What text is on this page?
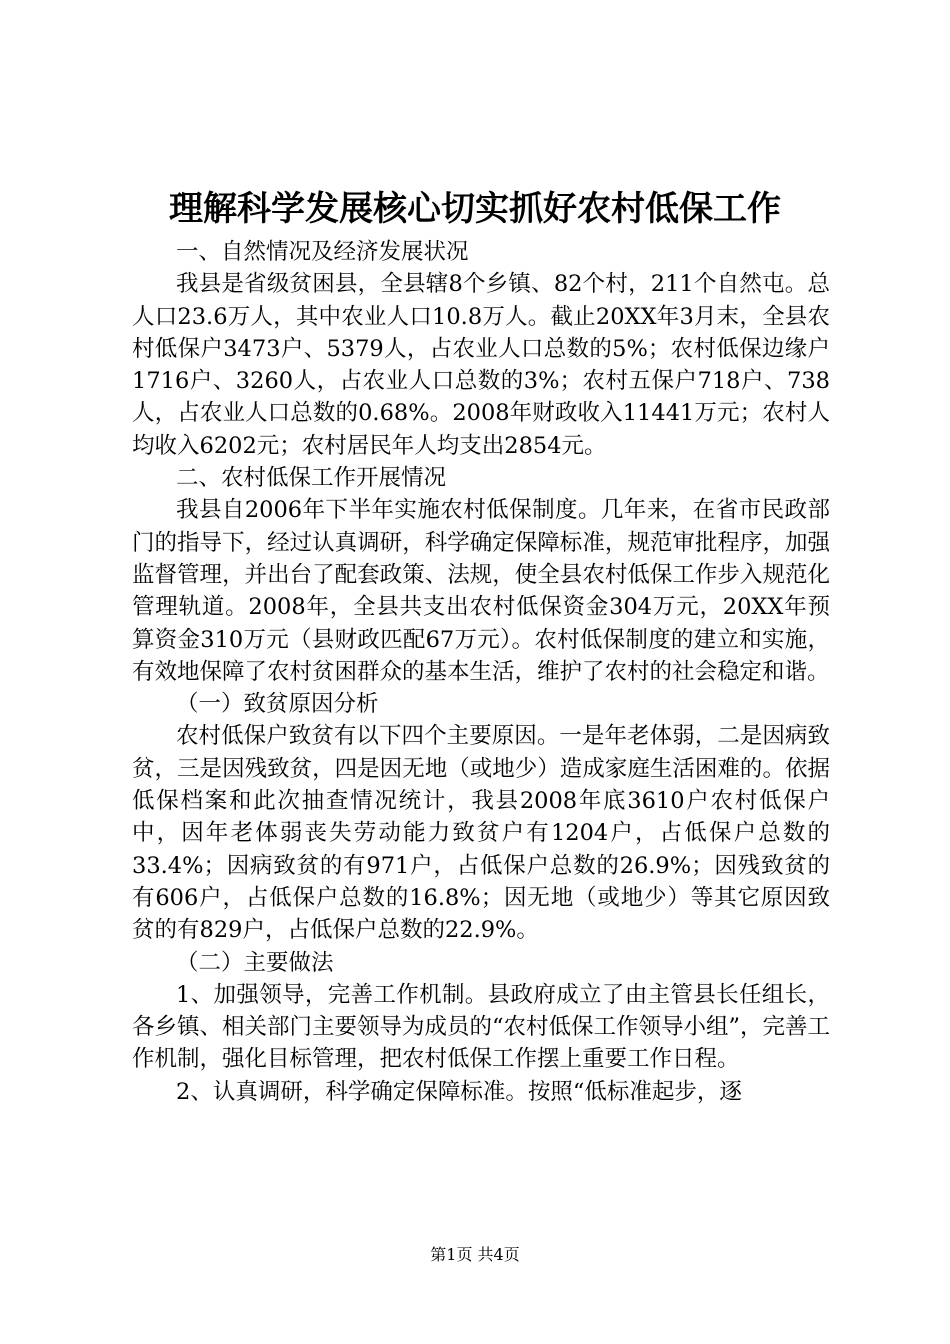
理解科学发展核心切实抓好农村低保工作

一、自然情况及经济发展状况

我县是省级贫困县，全县辖8个乡镇、82个村，211个自然屯。总人口23.6万人，其中农业人口10.8万人。截止20XX年3月末，全县农村低保户3473户、5379人，占农业人口总数的5%；农村低保边缘户1716户、3260人，占农业人口总数的3%；农村五保户718户、738人，占农业人口总数的0.68%。2008年财政收入11441万元；农村人均收入6202元；农村居民年人均支出2854元。

二、农村低保工作开展情况

我县自2006年下半年实施农村低保制度。几年来，在省市民政部门的指导下，经过认真调研，科学确定保障标准，规范审批程序，加强监督管理，并出台了配套政策、法规，使全县农村低保工作步入规范化管理轨道。2008年，全县共支出农村低保资金304万元，20XX年预算资金310万元（县财政匹配67万元）。农村低保制度的建立和实施，有效地保障了农村贫困群众的基本生活，维护了农村的社会稳定和谐。

（一）致贫原因分析

农村低保户致贫有以下四个主要原因。一是年老体弱，二是因病致贫，三是因残致贫，四是因无地（或地少）造成家庭生活困难的。依据低保档案和此次抽查情况统计，我县2008年底3610户农村低保户中，因年老体弱丧失劳动能力致贫户有1204户，占低保户总数的33.4%；因病致贫的有971户，占低保户总数的26.9%；因残致贫的有606户，占低保户总数的16.8%；因无地（或地少）等其它原因致贫的有829户，占低保户总数的22.9%。

（二）主要做法

1、加强领导，完善工作机制。县政府成立了由主管县长任组长，各乡镇、相关部门主要领导为成员的“农村低保工作领导小组”，完善工作机制，强化目标管理，把农村低保工作摆上重要工作日程。

2、认真调研，科学确定保障标准。按照“低标准起步，逐

第1页 共4页
